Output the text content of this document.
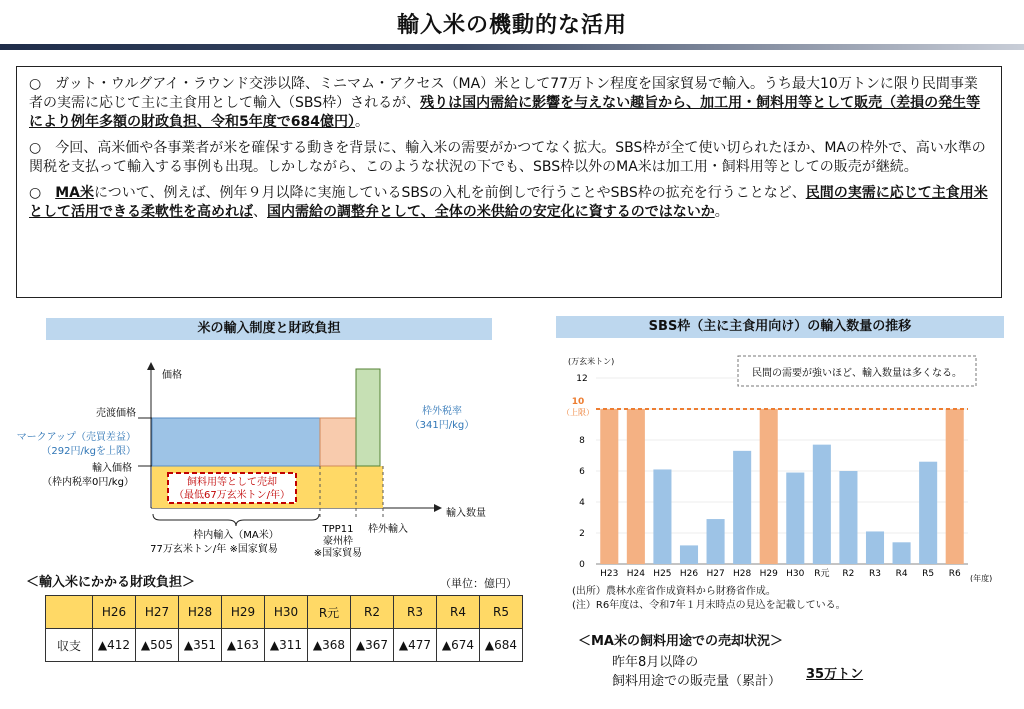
輸入米の機動的な活用
○　ガット・ウルグアイ・ラウンド交渉以降、ミニマム・アクセス（MA）米として77万トン程度を国家貿易で輸入。うち最大10万トンに限り民間事業者の実需に応じて主に主食用として輸入（SBS枠）されるが、残りは国内需給に影響を与えない趣旨から、加工用・飼料用等として販売（差損の発生等により例年多額の財政負担、令和5年度で684億円）。
○　今回、高米価や各事業者が米を確保する動きを背景に、輸入米の需要がかつてなく拡大。SBS枠が全て使い切られたほか、MAの枠外で、高い水準の関税を支払って輸入する事例も出現。しかしながら、このような状況の下でも、SBS枠以外のMA米は加工用・飼料用等としての販売が継続。
○　MA米について、例えば、例年９月以降に実施しているSBSの入札を前倒しで行うことやSBS枠の拡充を行うことなど、民間の実需に応じて主食用米として活用できる柔軟性を高めれば、国内需給の調整弁として、全体の米供給の安定化に資するのではないか。
米の輸入制度と財政負担
価格
輸入数量
飼料用等として売却
（最低67万玄米トン/年）
売渡価格
マークアップ（売買差益）
（292円/kgを上限）
輸入価格
（枠内税率0円/kg）
枠外税率
（341円/kg）
枠内輸入（MA米）
77万玄米トン/年 ※国家貿易
TPP11
豪州枠
※国家貿易
枠外輸入
＜輸入米にかかる財政負担＞	（単位：億円）
	H26	H27	H28	H29	H30	R元	R2	R3	R4	R5
収支	▲412	▲505	▲351	▲163	▲311	▲368	▲367	▲477	▲674	▲684
SBS枠（主に主食用向け）の輸入数量の推移
0
2
4
6
8
12
H23 H24 H25 H26 H27 H28 H29 H30 R元 R2 R3 R4 R5 R6
(万玄米トン)
(年度)
10
（上限）
民間の需要が強いほど、輸入数量は多くなる。
(出所）農林水産省作成資料から財務省作成。
(注）R6年度は、令和7年１月末時点の見込を記載している。
＜MA米の飼料用途での売却状況＞
昨年8月以降の
飼料用途での販売量（累計） 35万トン
